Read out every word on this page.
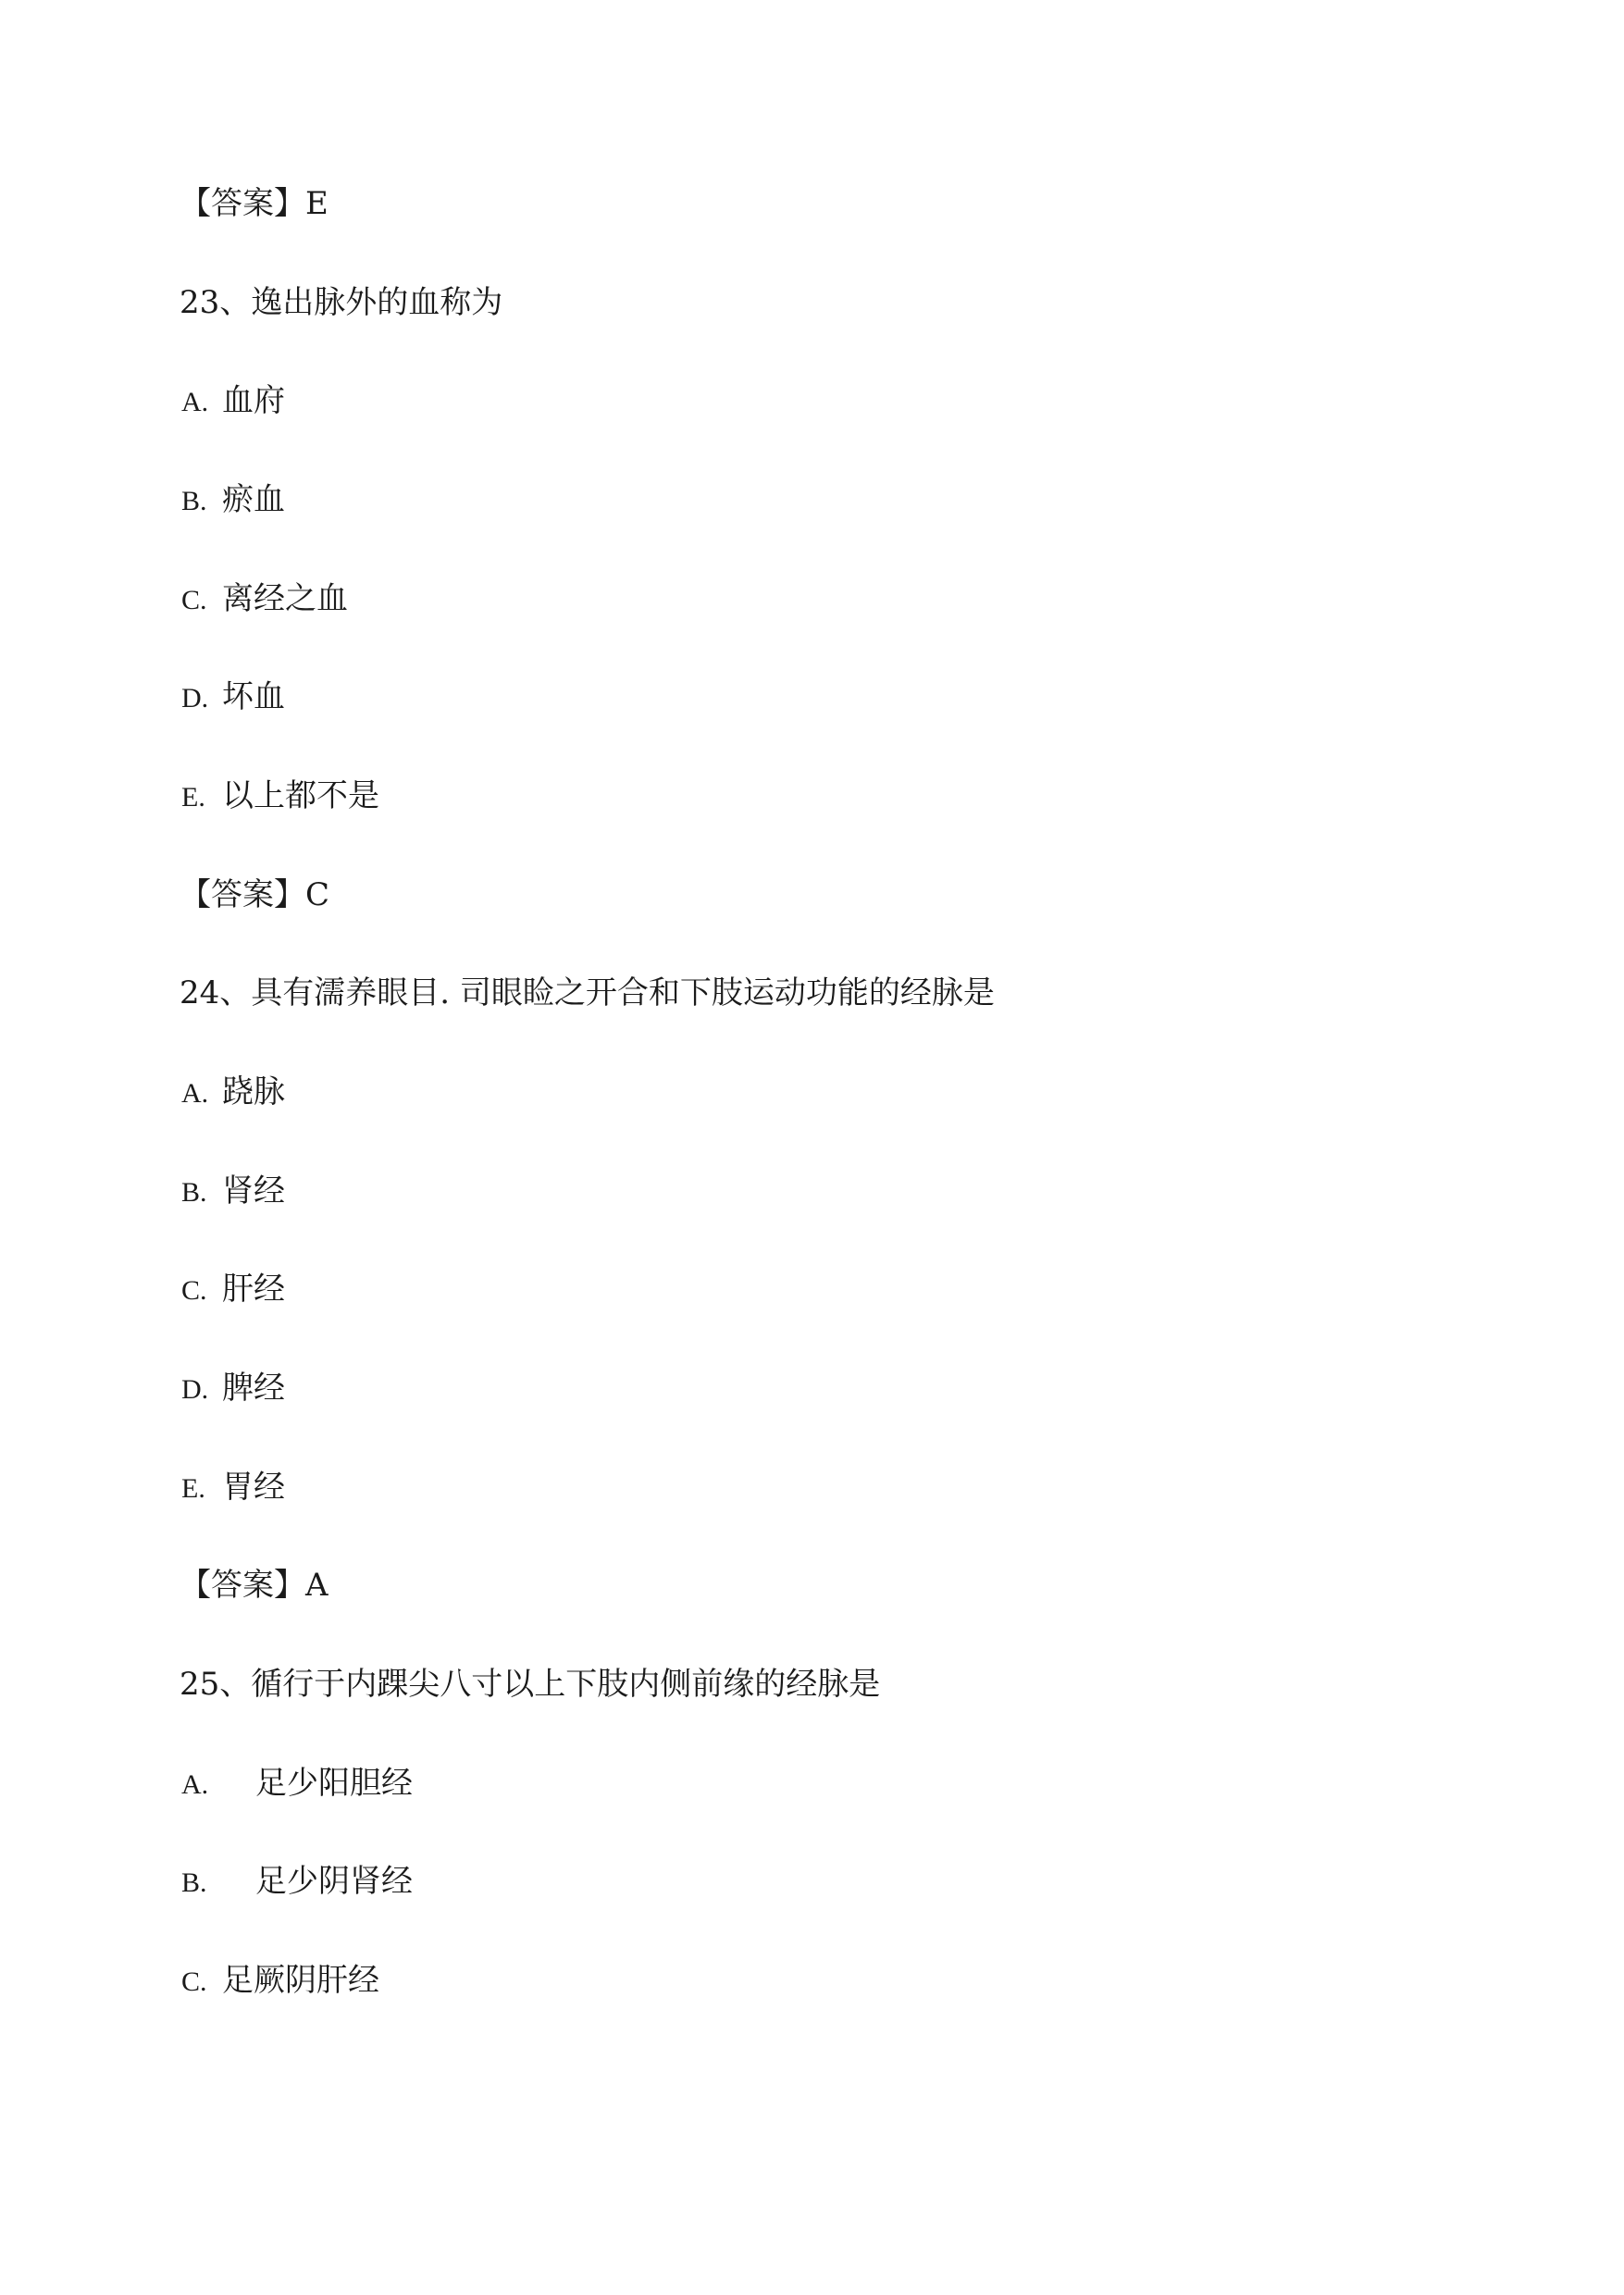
【答案】E
23、逸出脉外的血称为
A. 血府
B. 瘀血
C. 离经之血
D. 坏血
E. 以上都不是
【答案】C
24、具有濡养眼目. 司眼睑之开合和下肢运动功能的经脉是
A. 跷脉
B. 肾经
C. 肝经
D. 脾经
E. 胃经
【答案】A
25、循行于内踝尖八寸以上下肢内侧前缘的经脉是
A. 足少阳胆经
B. 足少阴肾经
C. 足厥阴肝经
